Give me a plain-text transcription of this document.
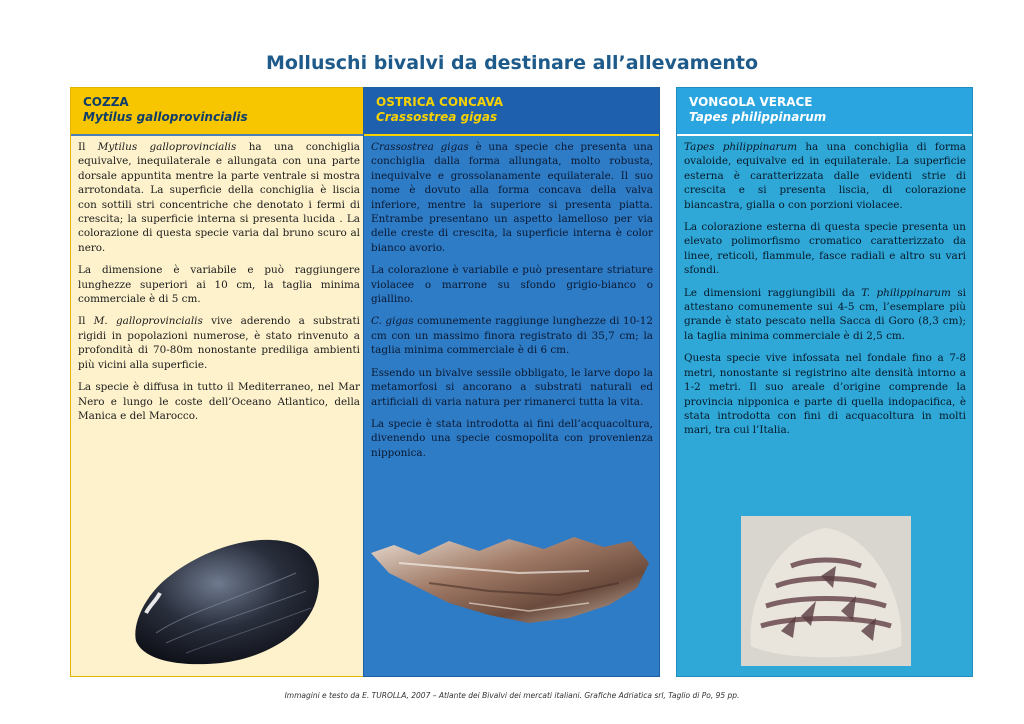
Molluschi bivalvi da destinare all’allevamento
COZZA
Mytilus galloprovincialis

Il Mytilus galloprovincialis ha una conchiglia equivalve, inequilaterale e allungata con una parte dorsale appuntita mentre la parte ventrale si mostra arrotondata. La superficie della conchiglia è liscia con sottili stri concentriche che denotato i fermi di crescita; la superficie interna si presenta lucida . La colorazione di questa specie varia dal bruno scuro al nero.

La dimensione è variabile e può raggiungere lunghezze superiori ai 10 cm, la taglia minima commerciale è di 5 cm.

Il M. galloprovincialis vive aderendo a substrati rigidi in popolazioni numerose, è stato rinvenuto a profondità di 70-80m nonostante prediliga ambienti più vicini alla superficie.

La specie è diffusa in tutto il Mediterraneo, nel Mar Nero e lungo le coste dell’Oceano Atlantico, della Manica e del Marocco.

OSTRICA CONCAVA
Crassostrea gigas

Crassostrea gigas è una specie che presenta una conchiglia dalla forma allungata, molto robusta, inequivalve e grossolanamente equilaterale. Il suo nome è dovuto alla forma concava della valva inferiore, mentre la superiore si presenta piatta. Entrambe presentano un aspetto lamelloso per via delle creste di crescita, la superficie interna è color bianco avorio.

La colorazione è variabile e può presentare striature violacee o marrone su sfondo grigio-bianco o giallino.

C. gigas comunemente raggiunge lunghezze di 10-12 cm con un massimo finora registrato di 35,7 cm; la taglia minima commerciale è di 6 cm.

Essendo un bivalve sessile obbligato, le larve dopo la metamorfosi si ancorano a substrati naturali ed artificiali di varia natura per rimanerci tutta la vita.

La specie è stata introdotta ai fini dell’acquacoltura, divenendo una specie cosmopolita con provenienza nipponica.

VONGOLA VERACE
Tapes philippinarum

Tapes philippinarum ha una conchiglia di forma ovaloide, equivalve ed in equilaterale. La superficie esterna è caratterizzata dalle evidenti strie di crescita e si presenta liscia, di colorazione biancastra, gialla o con porzioni violacee.

La colorazione esterna di questa specie presenta un elevato polimorfismo cromatico caratterizzato da linee, reticoli, flammule, fasce radiali e altro su vari sfondi.

Le dimensioni raggiungibili da T. philippinarum si attestano comunemente sui 4-5 cm, l’esemplare più grande è stato pescato nella Sacca di Goro (8,3 cm); la taglia minima commerciale è di 2,5 cm.

Questa specie vive infossata nel fondale fino a 7-8 metri, nonostante si registrino alte densità intorno a 1-2 metri. Il suo areale d’origine comprende la provincia nipponica e parte di quella indopacifica, è stata introdotta con fini di acquacoltura in molti mari, tra cui l’Italia.

Immagini e testo da E. TUROLLA, 2007 – Atlante dei Bivalvi dei mercati italiani. Grafiche Adriatica srl, Taglio di Po, 95 pp.
